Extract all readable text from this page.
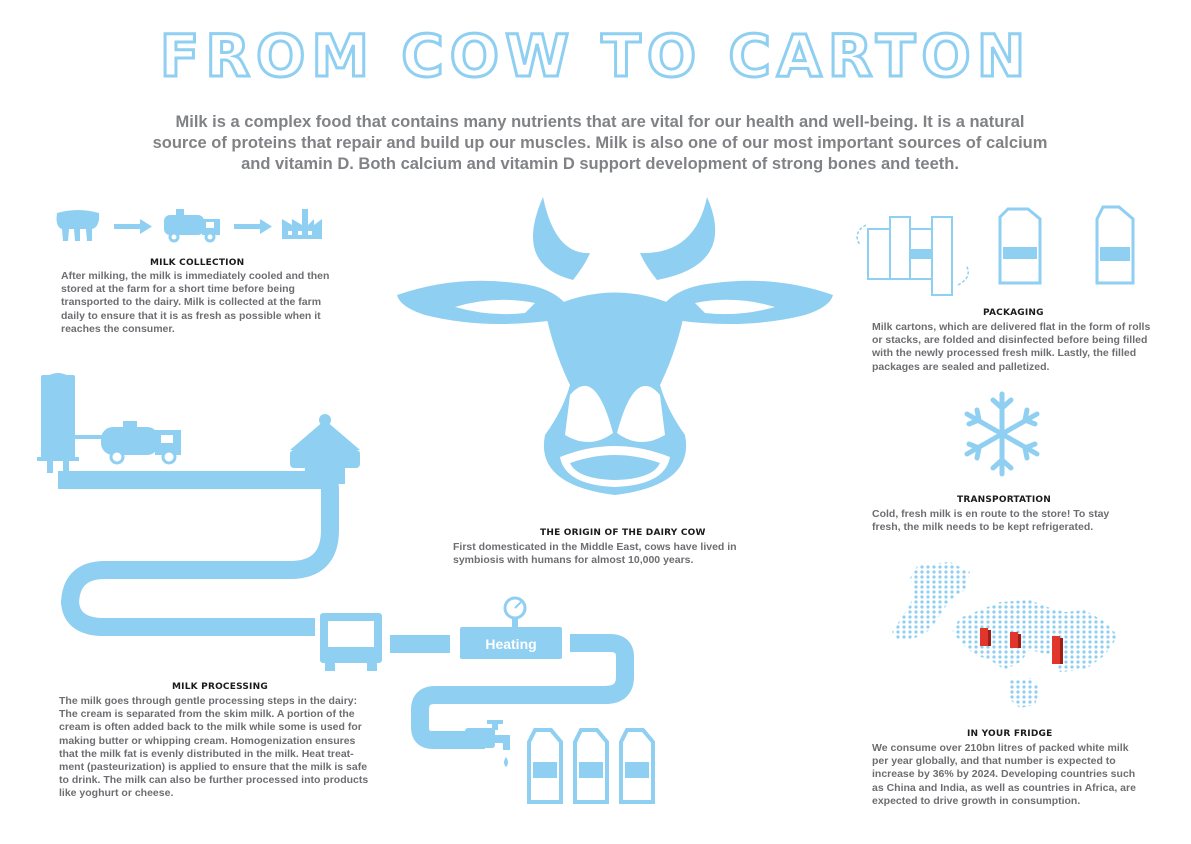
FROM COW TO CARTON
Milk is a complex food that contains many nutrients that are vital for our health and well-being. It is a natural source of proteins that repair and build up our muscles. Milk is also one of our most important sources of calcium and vitamin D. Both calcium and vitamin D support development of strong bones and teeth.
MILK COLLECTION
After milking, the milk is immediately cooled and then stored at the farm for a short time before being transported to the dairy. Milk is collected at the farm daily to ensure that it is as fresh as possible when it reaches the consumer.
THE ORIGIN OF THE DAIRY COW
First domesticated in the Middle East, cows have lived in symbiosis with humans for almost 10,000 years.
Heating
MILK PROCESSING
The milk goes through gentle processing steps in the dairy: The cream is separated from the skim milk. A portion of the cream is often added back to the milk while some is used for making butter or whipping cream. Homogenization ensures that the milk fat is evenly distributed in the milk. Heat treat-ment (pasteurization) is applied to ensure that the milk is safe to drink. The milk can also be further processed into products like yoghurt or cheese.
PACKAGING
Milk cartons, which are delivered flat in the form of rolls or stacks, are folded and disinfected before being filled with the newly processed fresh milk. Lastly, the filled packages are sealed and palletized.
TRANSPORTATION
Cold, fresh milk is en route to the store! To stay fresh, the milk needs to be kept refrigerated.
IN YOUR FRIDGE
We consume over 210bn litres of packed white milk per year globally, and that number is expected to increase by 36% by 2024. Developing countries such as China and India, as well as countries in Africa, are expected to drive growth in consumption.
